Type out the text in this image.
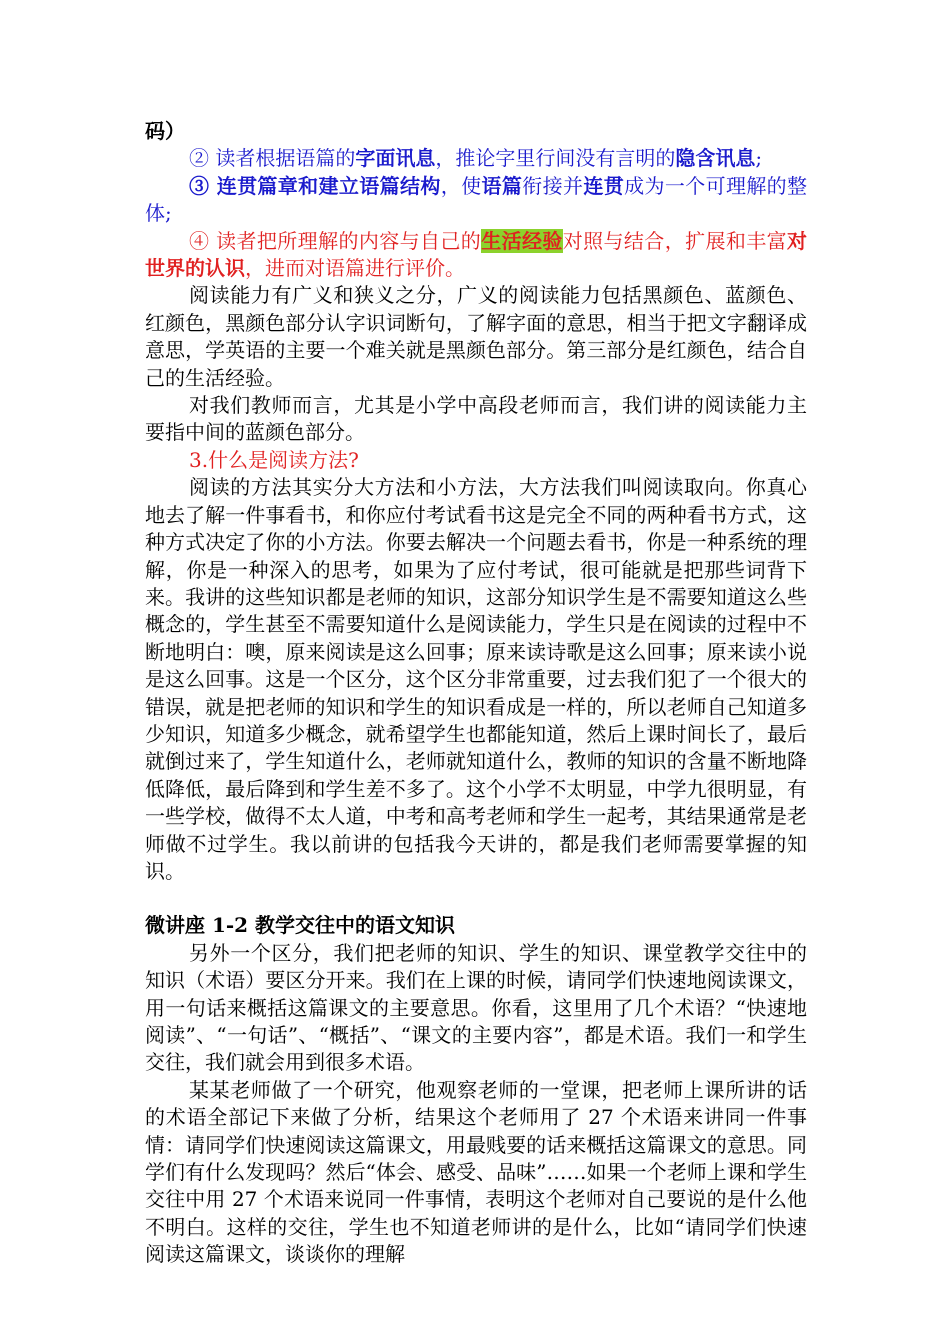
码）

② 读者根据语篇的字面讯息，推论字里行间没有言明的隐含讯息;

③ 连贯篇章和建立语篇结构，使语篇衔接并连贯成为一个可理解的整体;

④ 读者把所理解的内容与自己的生活经验对照与结合，扩展和丰富对世界的认识，进而对语篇进行评价。

阅读能力有广义和狭义之分，广义的阅读能力包括黑颜色、蓝颜色、红颜色，黑颜色部分认字识词断句，了解字面的意思，相当于把文字翻译成意思，学英语的主要一个难关就是黑颜色部分。第三部分是红颜色，结合自己的生活经验。

对我们教师而言，尤其是小学中高段老师而言，我们讲的阅读能力主要指中间的蓝颜色部分。

3.什么是阅读方法?

阅读的方法其实分大方法和小方法，大方法我们叫阅读取向。你真心地去了解一件事看书，和你应付考试看书这是完全不同的两种看书方式，这种方式决定了你的小方法。你要去解决一个问题去看书，你是一种系统的理解，你是一种深入的思考，如果为了应付考试，很可能就是把那些词背下来。我讲的这些知识都是老师的知识，这部分知识学生是不需要知道这么些概念的，学生甚至不需要知道什么是阅读能力，学生只是在阅读的过程中不断地明白：噢，原来阅读是这么回事；原来读诗歌是这么回事；原来读小说是这么回事。这是一个区分，这个区分非常重要，过去我们犯了一个很大的错误，就是把老师的知识和学生的知识看成是一样的，所以老师自己知道多少知识，知道多少概念，就希望学生也都能知道，然后上课时间长了，最后就倒过来了，学生知道什么，老师就知道什么，教师的知识的含量不断地降低降低，最后降到和学生差不多了。这个小学不太明显，中学九很明显，有一些学校，做得不太人道，中考和高考老师和学生一起考，其结果通常是老师做不过学生。我以前讲的包括我今天讲的，都是我们老师需要掌握的知识。

微讲座 1-2 教学交往中的语文知识

另外一个区分，我们把老师的知识、学生的知识、课堂教学交往中的知识（术语）要区分开来。我们在上课的时候，请同学们快速地阅读课文，用一句话来概括这篇课文的主要意思。你看，这里用了几个术语？“快速地阅读”、“一句话”、“概括”、“课文的主要内容”，都是术语。我们一和学生交往，我们就会用到很多术语。

某某老师做了一个研究，他观察老师的一堂课，把老师上课所讲的话的术语全部记下来做了分析，结果这个老师用了 27 个术语来讲同一件事情：请同学们快速阅读这篇课文，用最贱要的话来概括这篇课文的意思。同学们有什么发现吗？然后“体会、感受、品味”……如果一个老师上课和学生交往中用 27 个术语来说同一件事情，表明这个老师对自己要说的是什么他不明白。这样的交往，学生也不知道老师讲的是什么，比如“请同学们快速阅读这篇课文，谈谈你的理解
